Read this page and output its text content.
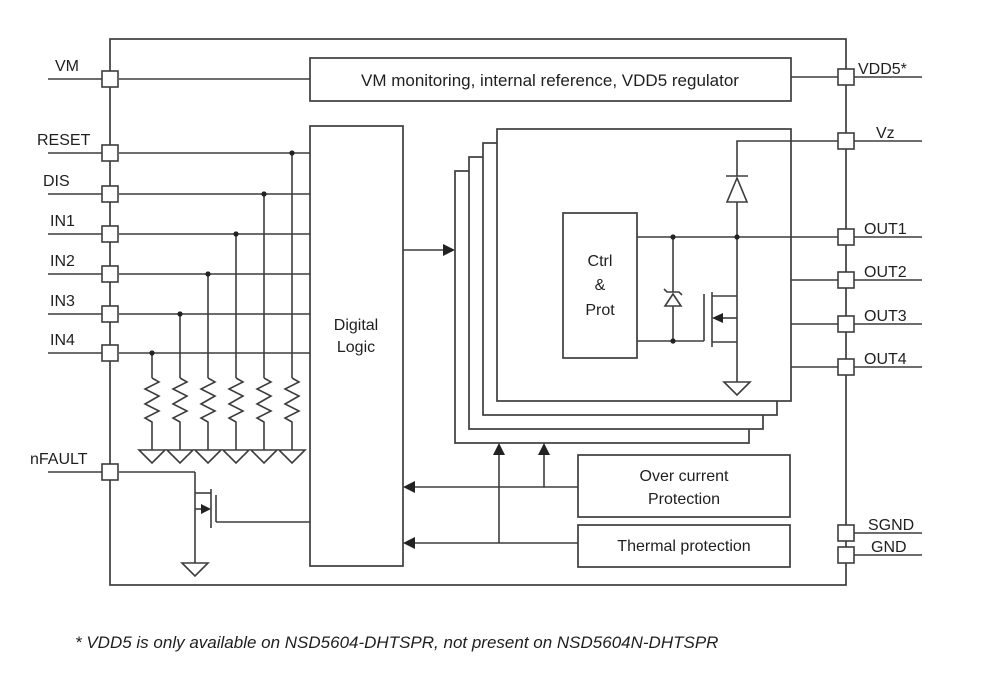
VM monitoring, internal reference, VDD5 regulator
Digital
Logic
Ctrl
&
Prot
Over current
Protection
Thermal protection
VM
RESET
DIS
IN1
IN2
IN3
IN4
nFAULT
VDD5*
Vz
OUT1
OUT2
OUT3
OUT4
SGND
GND
* VDD5 is only available on NSD5604-DHTSPR, not present on NSD5604N-DHTSPR
